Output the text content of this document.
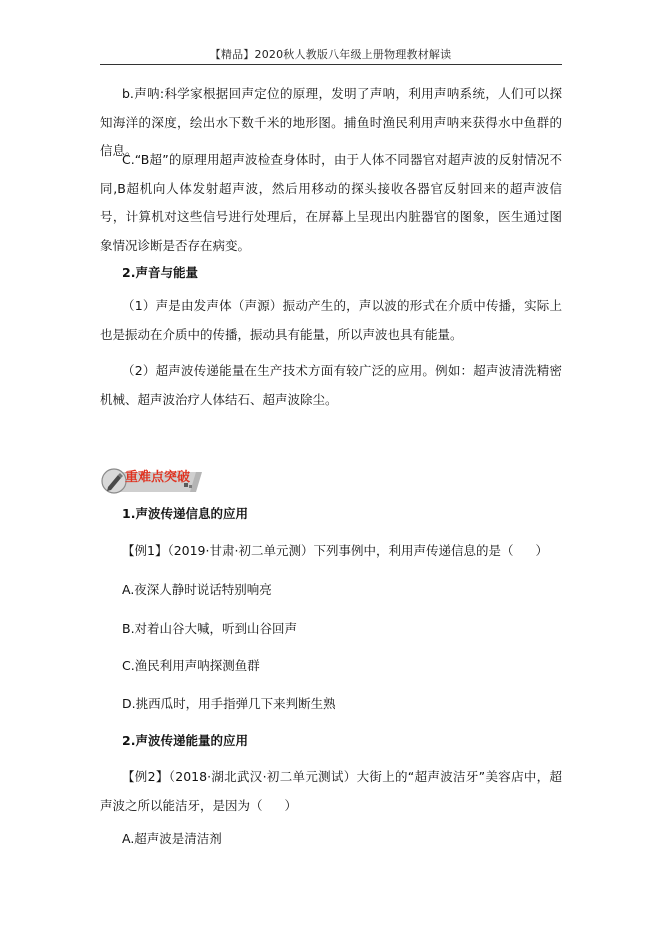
【精品】2020秋人教版八年级上册物理教材解读

b.声呐:科学家根据回声定位的原理，发明了声呐，利用声呐系统，人们可以探知海洋的深度，绘出水下数千米的地形图。捕鱼时渔民利用声呐来获得水中鱼群的信息。

C.“B超”的原理用超声波检查身体时，由于人体不同器官对超声波的反射情况不同,B超机向人体发射超声波，然后用移动的探头接收各器官反射回来的超声波信号，计算机对这些信号进行处理后，在屏幕上呈现出内脏器官的图象，医生通过图象情况诊断是否存在病变。

2.声音与能量

（1）声是由发声体（声源）振动产生的，声以波的形式在介质中传播，实际上也是振动在介质中的传播，振动具有能量，所以声波也具有能量。

（2）超声波传递能量在生产技术方面有较广泛的应用。例如：超声波清洗精密机械、超声波治疗人体结石、超声波除尘。

重难点突破
1.声波传递信息的应用
【例1】（2019·甘肃·初二单元测）下列事例中，利用声传递信息的是（ ）
A.夜深人静时说话特别响亮
B.对着山谷大喊，听到山谷回声
C.渔民利用声呐探测鱼群
D.挑西瓜时，用手指弹几下来判断生熟
2.声波传递能量的应用

【例2】（2018·湖北武汉·初二单元测试）大街上的“超声波洁牙”美容店中，超声波之所以能洁牙，是因为（ ）

A.超声波是清洁剂
